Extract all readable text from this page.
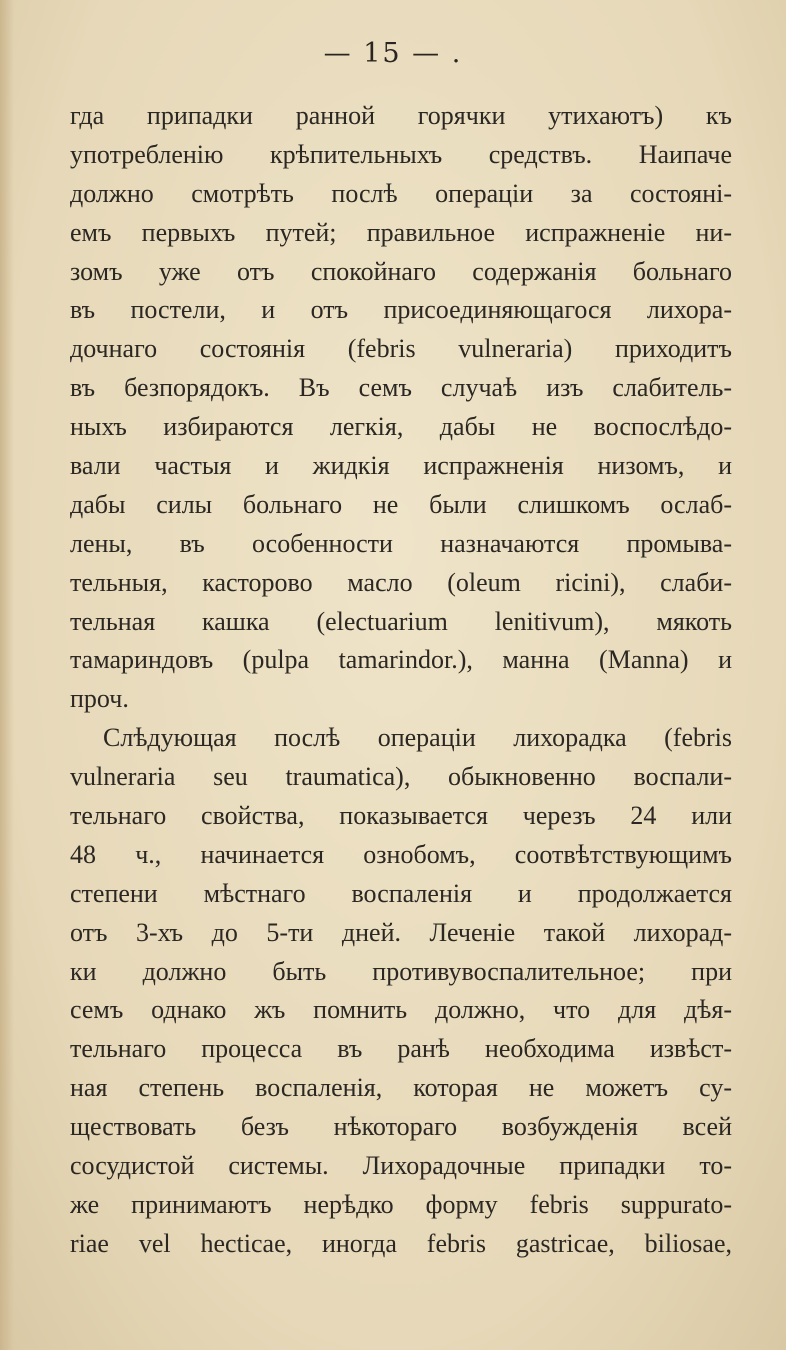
— 15 — .
гда припадки ранной горячки утихаютъ) къ
употребленію крѣпительныхъ средствъ. Наипаче
должно смотрѣть послѣ операціи за состояні-
емъ первыхъ путей; правильное испражненіе ни-
зомъ уже отъ спокойнаго содержанія больнаго
въ постели, и отъ присоединяющагося лихора-
дочнаго состоянія (febris vulneraria) приходитъ
въ безпорядокъ. Въ семъ случаѣ изъ слабитель-
ныхъ избираются легкія, дабы не воспослѣдо-
вали частыя и жидкія испражненія низомъ, и
дабы силы больнаго не были слишкомъ ослаб-
лены, въ особенности назначаются промыва-
тельныя, касторово масло (oleum ricini), слаби-
тельная кашка (electuarium lenitivum), мякоть
тамариндовъ (pulpa tamarindor.), манна (Manna) и
проч.
Слѣдующая послѣ операціи лихорадка (febris
vulneraria seu traumatica), обыкновенно воспали-
тельнаго свойства, показывается черезъ 24 или
48 ч., начинается ознобомъ, соотвѣтствующимъ
степени мѣстнаго воспаленія и продолжается
отъ 3-хъ до 5-ти дней. Леченіе такой лихорад-
ки должно быть противувоспалительное; при
семъ однако жъ помнить должно, что для дѣя-
тельнаго процесса въ ранѣ необходима извѣст-
ная степень воспаленія, которая не можетъ су-
ществовать безъ нѣкотораго возбужденія всей
сосудистой системы. Лихорадочные припадки то-
же принимаютъ нерѣдко форму febris suppuratо-
riae vel hecticae, иногда febris gastricae, biliosae,
